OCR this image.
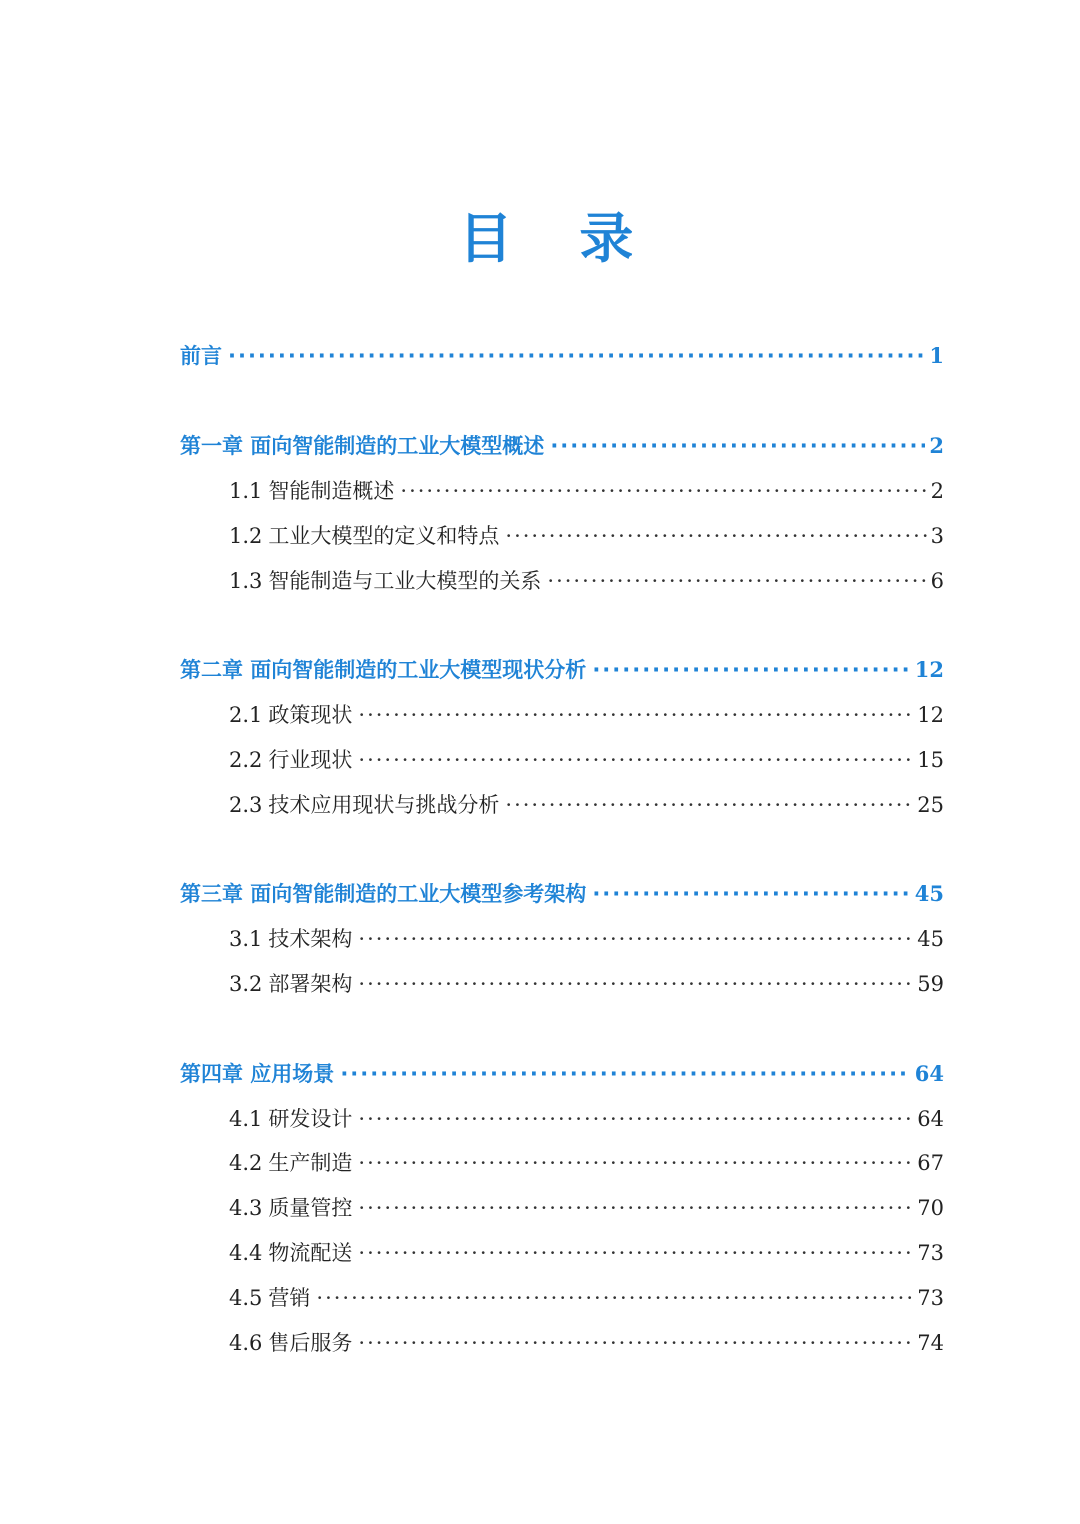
目 录
前言 ·····	1
第一章 面向智能制造的工业大模型概述 ·····	2
1.1 智能制造概述 ·····	2
1.2 工业大模型的定义和特点 ·····	3
1.3 智能制造与工业大模型的关系 ·····	6
第二章 面向智能制造的工业大模型现状分析 ·····	12
2.1 政策现状 ·····	12
2.2 行业现状 ·····	15
2.3 技术应用现状与挑战分析 ·····	25
第三章 面向智能制造的工业大模型参考架构 ·····	45
3.1 技术架构 ·····	45
3.2 部署架构 ·····	59
第四章 应用场景 ·····	64
4.1 研发设计 ·····	64
4.2 生产制造 ·····	67
4.3 质量管控 ·····	70
4.4 物流配送 ·····	73
4.5 营销 ·····	73
4.6 售后服务 ·····	74
